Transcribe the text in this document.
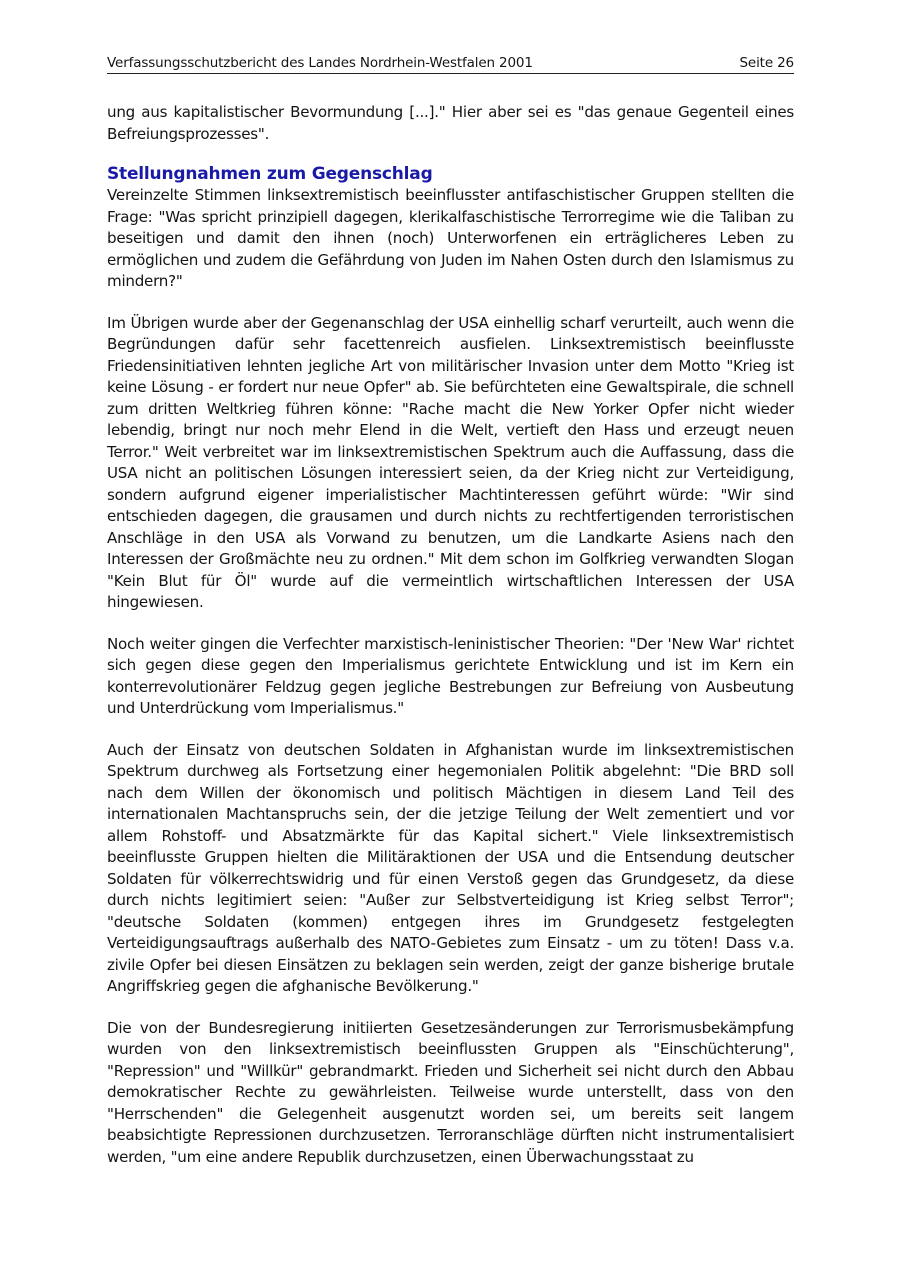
Verfassungsschutzbericht des Landes Nordrhein-Westfalen 2001	Seite 26

ung aus kapitalistischer Bevormundung [...]." Hier aber sei es "das genaue Gegenteil eines Befreiungsprozesses".

Stellungnahmen zum Gegenschlag

Vereinzelte Stimmen linksextremistisch beeinflusster antifaschistischer Gruppen stellten die Frage: "Was spricht prinzipiell dagegen, klerikalfaschistische Terrorregime wie die Taliban zu beseitigen und damit den ihnen (noch) Unterworfenen ein erträglicheres Leben zu ermöglichen und zudem die Gefährdung von Juden im Nahen Osten durch den Islamismus zu mindern?"

Im Übrigen wurde aber der Gegenanschlag der USA einhellig scharf verurteilt, auch wenn die Begründungen dafür sehr facettenreich ausfielen. Linksextremistisch beeinflusste Friedensinitiativen lehnten jegliche Art von militärischer Invasion unter dem Motto "Krieg ist keine Lösung - er fordert nur neue Opfer" ab. Sie befürchteten eine Gewaltspirale, die schnell zum dritten Weltkrieg führen könne: "Rache macht die New Yorker Opfer nicht wieder lebendig, bringt nur noch mehr Elend in die Welt, vertieft den Hass und erzeugt neuen Terror." Weit verbreitet war im linksextremistischen Spektrum auch die Auffassung, dass die USA nicht an politischen Lösungen interessiert seien, da der Krieg nicht zur Verteidigung, sondern aufgrund eigener imperialistischer Machtinteressen geführt würde: "Wir sind entschieden dagegen, die grausamen und durch nichts zu rechtfertigenden terroristischen Anschläge in den USA als Vorwand zu benutzen, um die Landkarte Asiens nach den Interessen der Großmächte neu zu ordnen." Mit dem schon im Golfkrieg verwandten Slogan "Kein Blut für Öl" wurde auf die vermeintlich wirtschaftlichen Interessen der USA hingewiesen.

Noch weiter gingen die Verfechter marxistisch-leninistischer Theorien: "Der 'New War' richtet sich gegen diese gegen den Imperialismus gerichtete Entwicklung und ist im Kern ein konterrevolutionärer Feldzug gegen jegliche Bestrebungen zur Befreiung von Ausbeutung und Unterdrückung vom Imperialismus."

Auch der Einsatz von deutschen Soldaten in Afghanistan wurde im linksextremistischen Spektrum durchweg als Fortsetzung einer hegemonialen Politik abgelehnt: "Die BRD soll nach dem Willen der ökonomisch und politisch Mächtigen in diesem Land Teil des internationalen Machtanspruchs sein, der die jetzige Teilung der Welt zementiert und vor allem Rohstoff- und Absatzmärkte für das Kapital sichert." Viele linksextremistisch beeinflusste Gruppen hielten die Militäraktionen der USA und die Entsendung deutscher Soldaten für völkerrechtswidrig und für einen Verstoß gegen das Grundgesetz, da diese durch nichts legitimiert seien: "Außer zur Selbstverteidigung ist Krieg selbst Terror"; "deutsche Soldaten (kommen) entgegen ihres im Grundgesetz festgelegten Verteidigungsauftrags außerhalb des NATO-Gebietes zum Einsatz - um zu töten! Dass v.a. zivile Opfer bei diesen Einsätzen zu beklagen sein werden, zeigt der ganze bisherige brutale Angriffskrieg gegen die afghanische Bevölkerung."

Die von der Bundesregierung initiierten Gesetzesänderungen zur Terrorismusbekämpfung wurden von den linksextremistisch beeinflussten Gruppen als "Einschüchterung", "Repression" und "Willkür" gebrandmarkt. Frieden und Sicherheit sei nicht durch den Abbau demokratischer Rechte zu gewährleisten. Teilweise wurde unterstellt, dass von den "Herrschenden" die Gelegenheit ausgenutzt worden sei, um bereits seit langem beabsichtigte Repressionen durchzusetzen. Terroranschläge dürften nicht instrumentalisiert werden, "um eine andere Republik durchzusetzen, einen Überwachungsstaat zu
